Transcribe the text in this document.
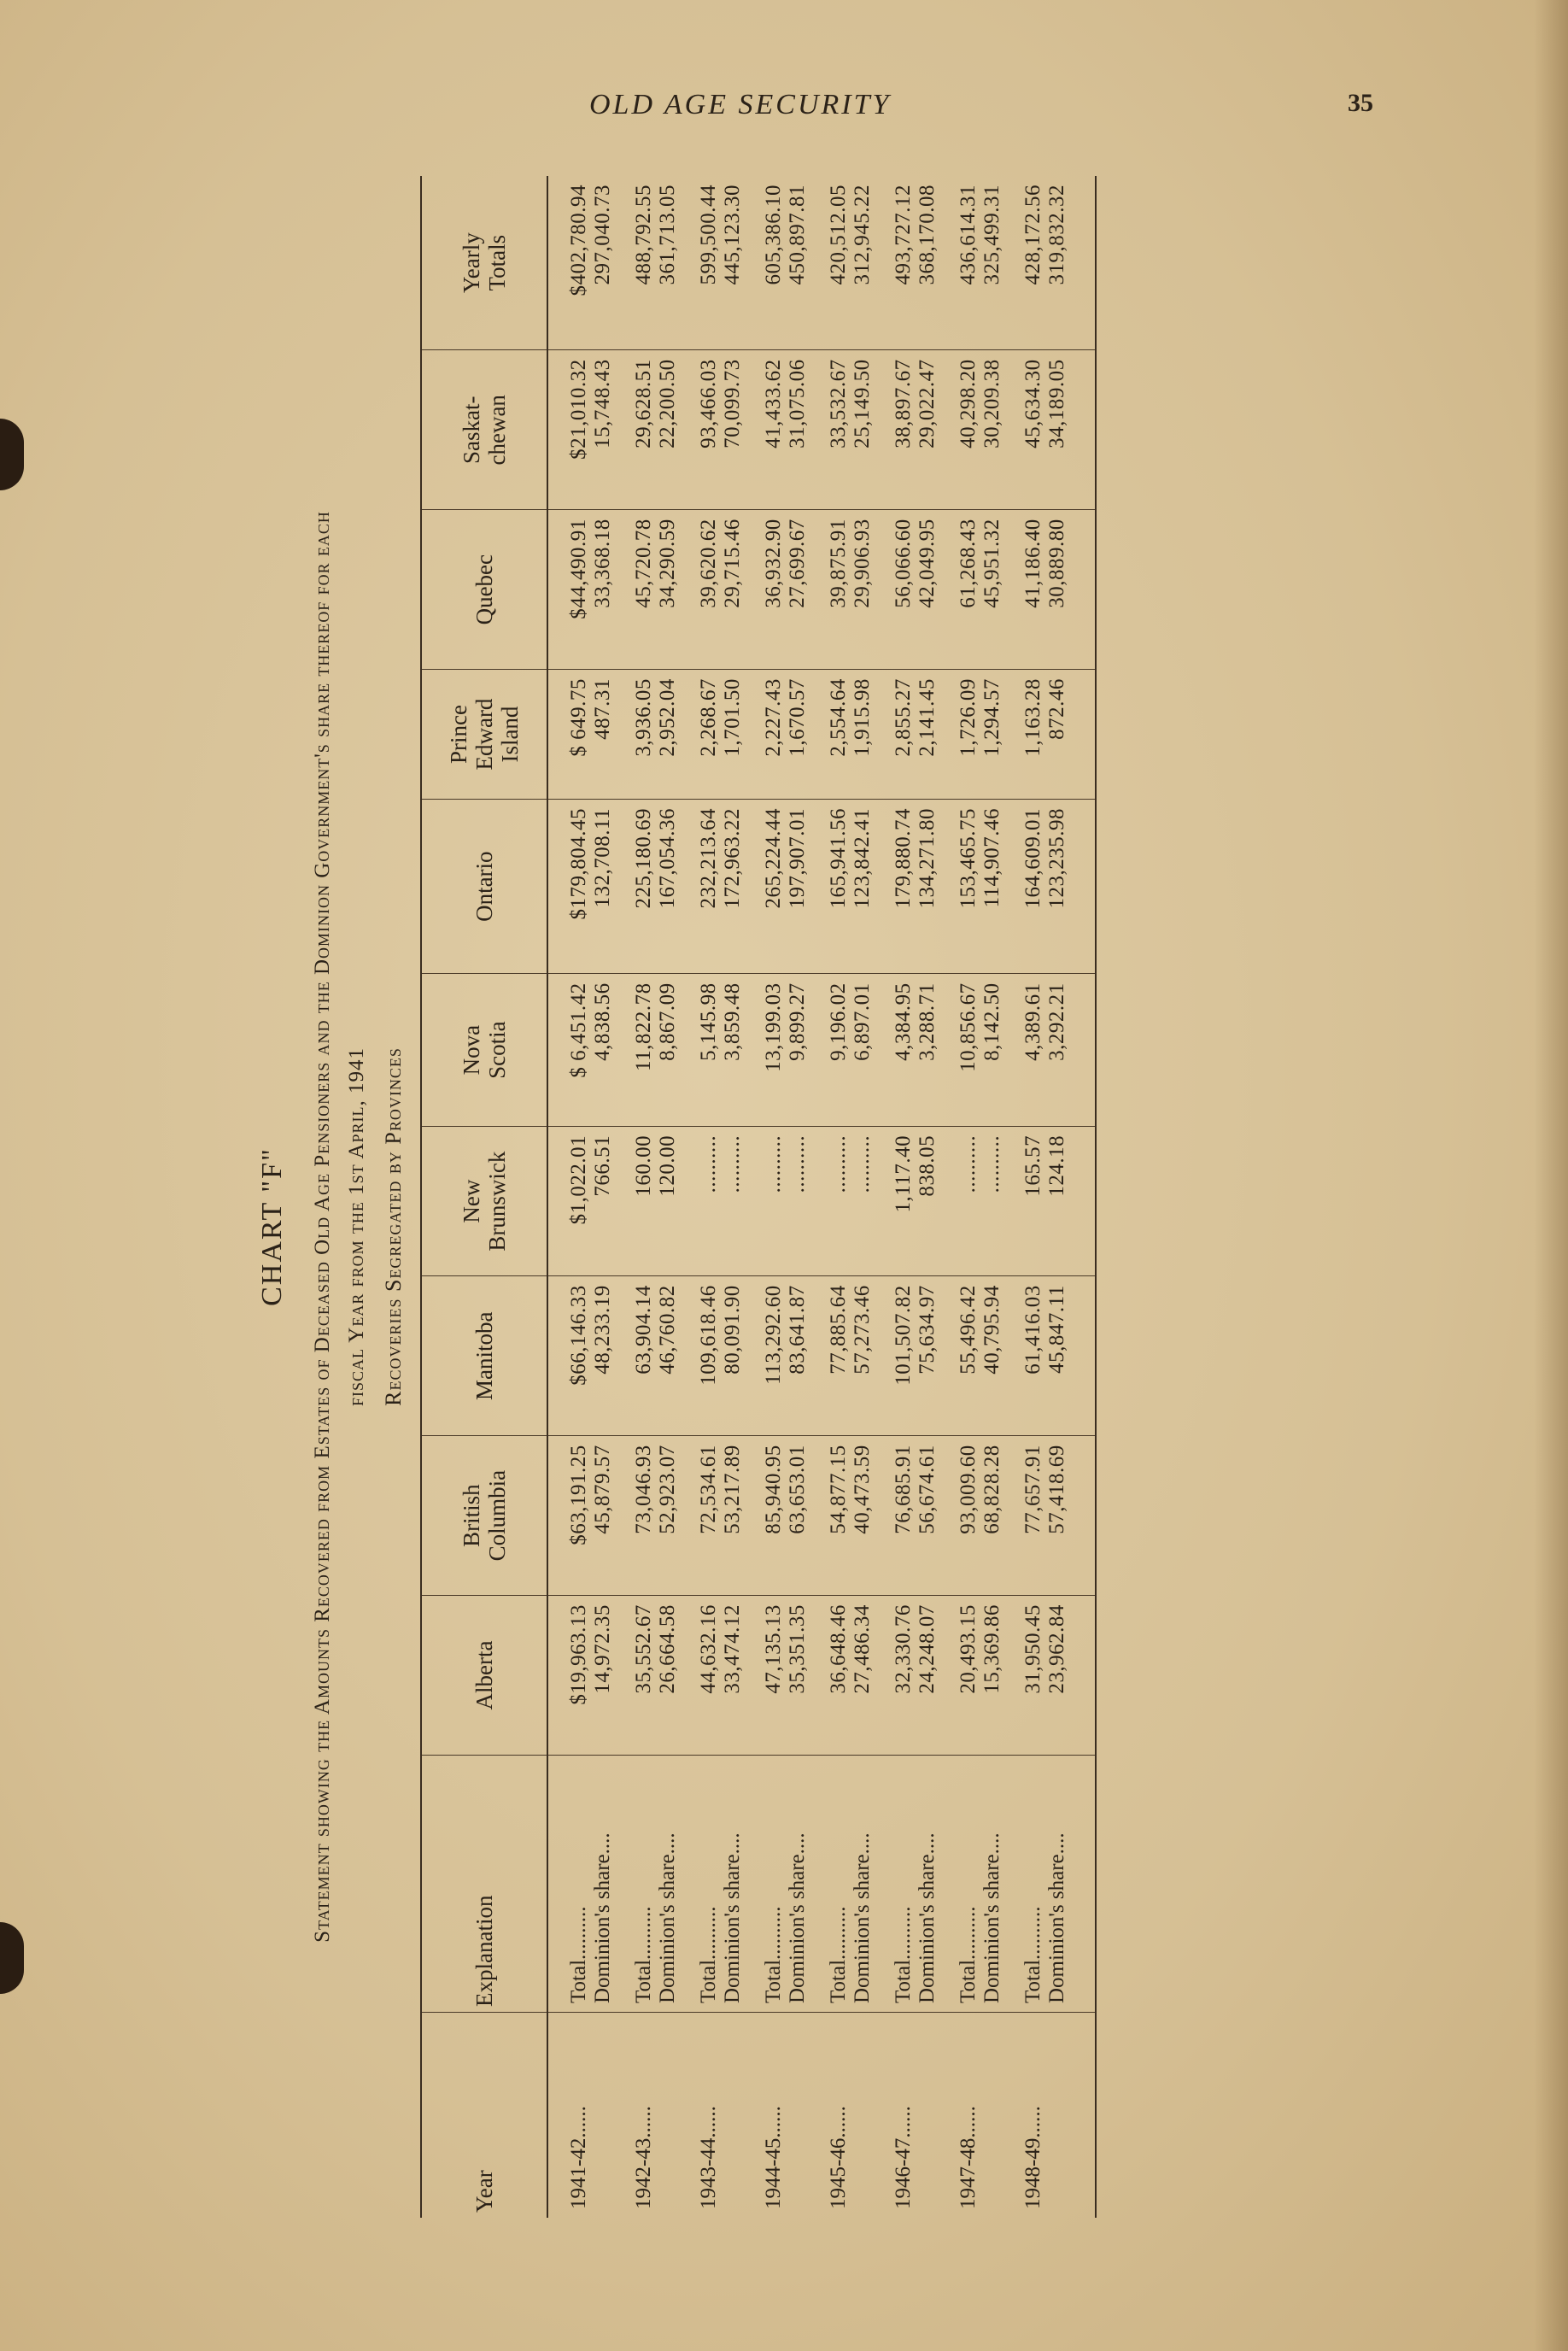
OLD AGE SECURITY	35
CHART "F" Statement showing the Amounts Recovered from Estates of Deceased Old Age Pensioners and the Dominion Government's share thereof for each fiscal Year from the 1st April, 1941 Recoveries Segregated by Provinces
Year	Explanation	Alberta	British Columbia	Manitoba	New Brunswick	Nova Scotia	Ontario	Prince Edward Island	Quebec	Saskat- chewan	Yearly Totals

1941-42......	Total.......... Dominion's share....	$19,963.13 14,972.35	$63,191.25 45,879.57	$66,146.33 48,233.19	$1,022.01 766.51	$ 6,451.42 4,838.56	$179,804.45 132,708.11	$ 649.75 487.31	$44,490.91 33,368.18	$21,010.32 15,748.43	$402,780.94 297,040.73

1942-43......	Total.......... Dominion's share....	35,552.67 26,664.58	73,046.93 52,923.07	63,904.14 46,760.82	160.00 120.00	11,822.78 8,867.09	225,180.69 167,054.36	3,936.05 2,952.04	45,720.78 34,290.59	29,628.51 22,200.50	488,792.55 361,713.05

1943-44......	Total.......... Dominion's share....	44,632.16 33,474.12	72,534.61 53,217.89	109,618.46 80,091.90	.......... ..........	5,145.98 3,859.48	232,213.64 172,963.22	2,268.67 1,701.50	39,620.62 29,715.46	93,466.03 70,099.73	599,500.44 445,123.30

1944-45......	Total.......... Dominion's share....	47,135.13 35,351.35	85,940.95 63,653.01	113,292.60 83,641.87	.......... ..........	13,199.03 9,899.27	265,224.44 197,907.01	2,227.43 1,670.57	36,932.90 27,699.67	41,433.62 31,075.06	605,386.10 450,897.81

1945-46......	Total.......... Dominion's share....	36,648.46 27,486.34	54,877.15 40,473.59	77,885.64 57,273.46	.......... ..........	9,196.02 6,897.01	165,941.56 123,842.41	2,554.64 1,915.98	39,875.91 29,906.93	33,532.67 25,149.50	420,512.05 312,945.22

1946-47......	Total.......... Dominion's share....	32,330.76 24,248.07	76,685.91 56,674.61	101,507.82 75,634.97	1,117.40 838.05	4,384.95 3,288.71	179,880.74 134,271.80	2,855.27 2,141.45	56,066.60 42,049.95	38,897.67 29,022.47	493,727.12 368,170.08

1947-48......	Total.......... Dominion's share....	20,493.15 15,369.86	93,009.60 68,828.28	55,496.42 40,795.94	.......... ..........	10,856.67 8,142.50	153,465.75 114,907.46	1,726.09 1,294.57	61,268.43 45,951.32	40,298.20 30,209.38	436,614.31 325,499.31

1948-49......	Total.......... Dominion's share....	31,950.45 23,962.84	77,657.91 57,418.69	61,416.03 45,847.11	165.57 124.18	4,389.61 3,292.21	164,609.01 123,235.98	1,163.28 872.46	41,186.40 30,889.80	45,634.30 34,189.05	428,172.56 319,832.32
